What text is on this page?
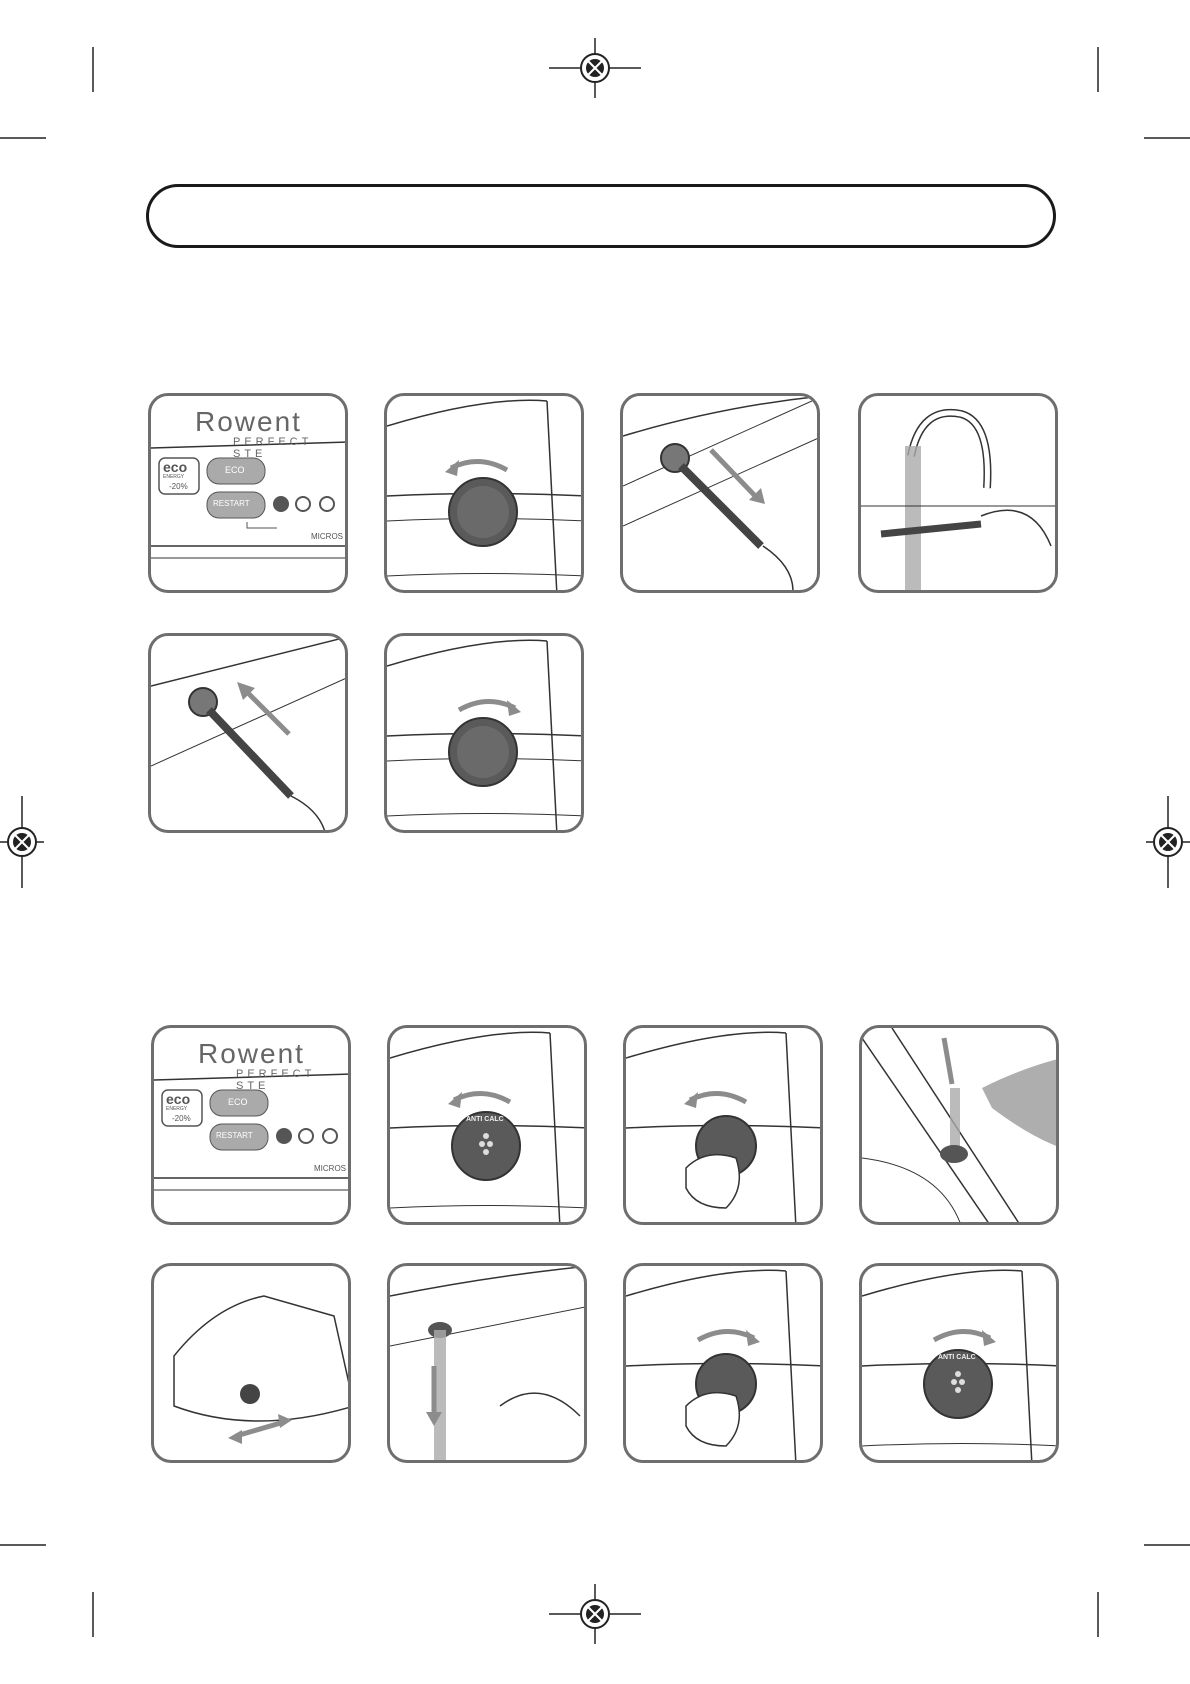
Rowent
PERFECT STE
eco
ENERGY
-20%
ECO
RESTART
MICROS
Rowent
PERFECT STE
eco
ENERGY
-20%
ECO
RESTART
MICROS
ANTI CALC
ANTI CALC
